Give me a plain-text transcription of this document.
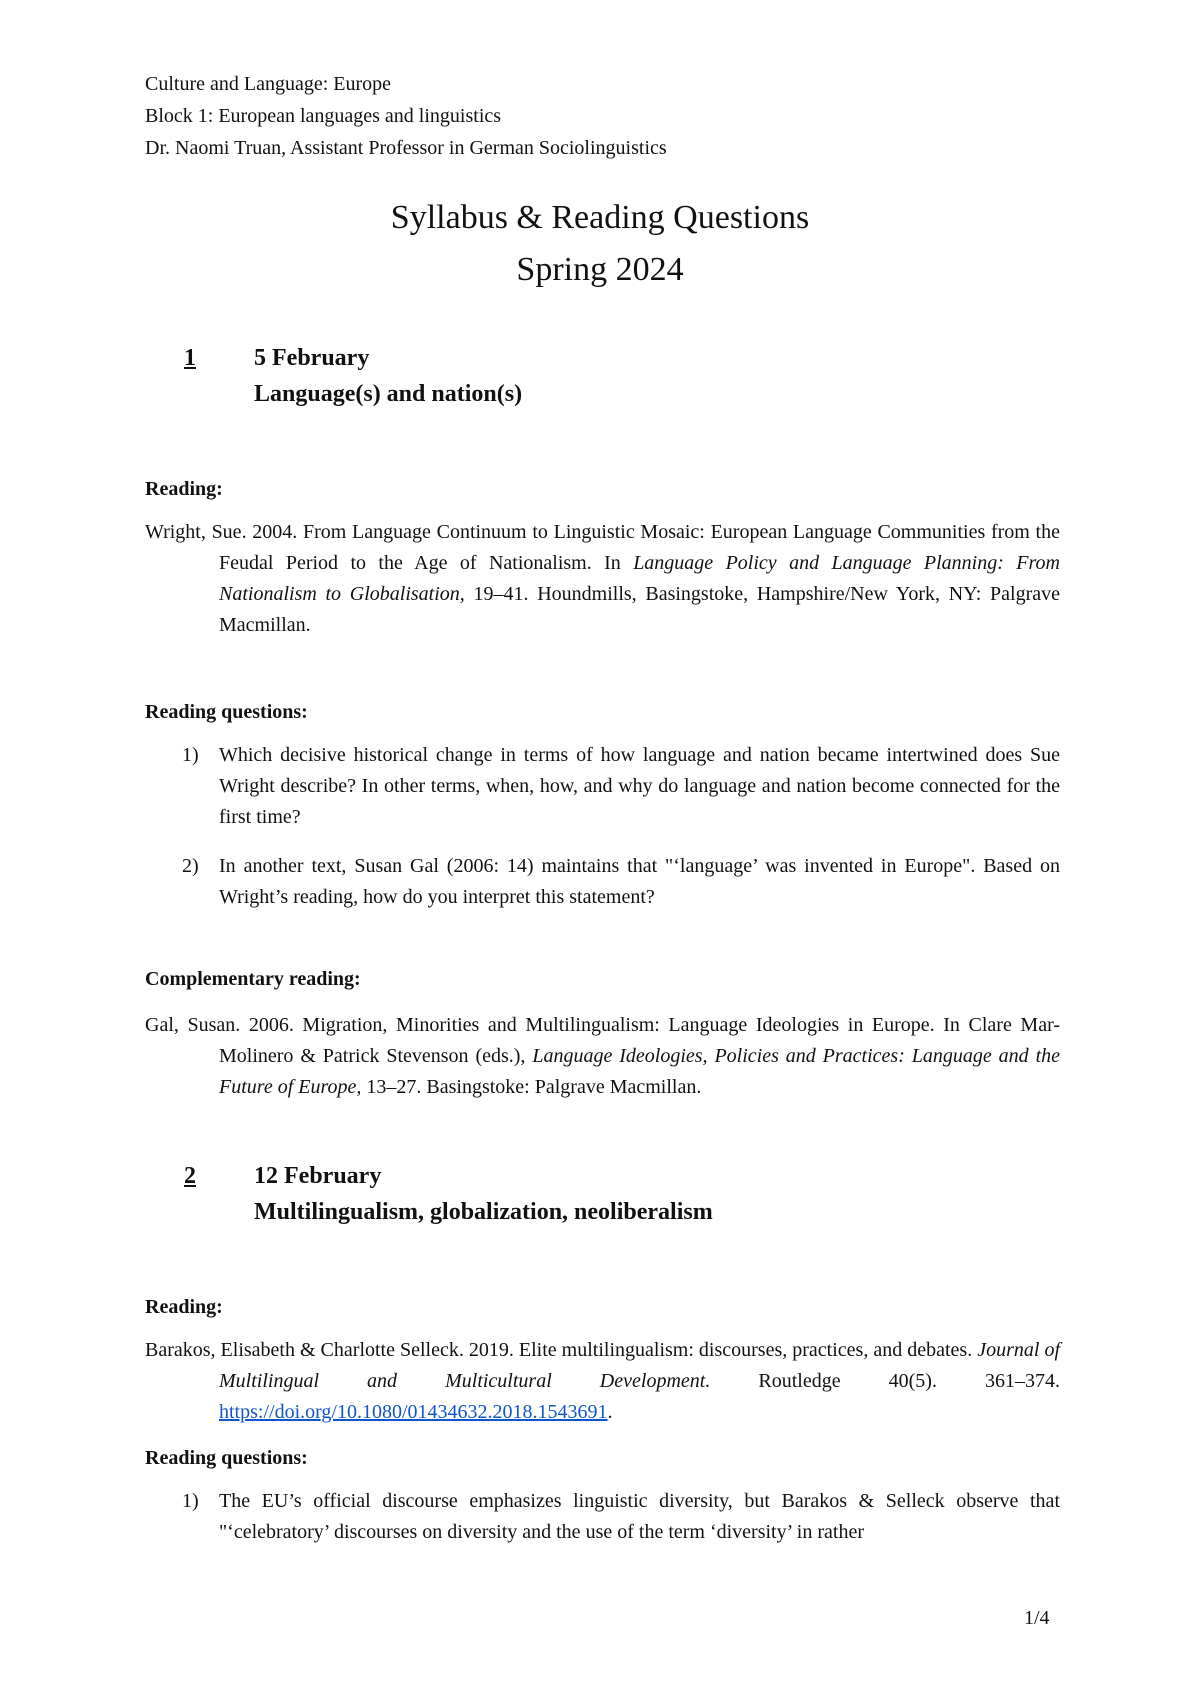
Culture and Language: Europe
Block 1: European languages and linguistics
Dr. Naomi Truan, Assistant Professor in German Sociolinguistics
Syllabus & Reading Questions
Spring 2024
1 5 February
Language(s) and nation(s)
Reading:
Wright, Sue. 2004. From Language Continuum to Linguistic Mosaic: European Language Communities from the Feudal Period to the Age of Nationalism. In Language Policy and Language Planning: From Nationalism to Globalisation, 19–41. Houndmills, Basingstoke, Hampshire/New York, NY: Palgrave Macmillan.
Reading questions:
1) Which decisive historical change in terms of how language and nation became intertwined does Sue Wright describe? In other terms, when, how, and why do language and nation become connected for the first time?
2) In another text, Susan Gal (2006: 14) maintains that "‘language’ was invented in Europe". Based on Wright’s reading, how do you interpret this statement?
Complementary reading:
Gal, Susan. 2006. Migration, Minorities and Multilingualism: Language Ideologies in Europe. In Clare Mar-Molinero & Patrick Stevenson (eds.), Language Ideologies, Policies and Practices: Language and the Future of Europe, 13–27. Basingstoke: Palgrave Macmillan.
2 12 February
Multilingualism, globalization, neoliberalism
Reading:
Barakos, Elisabeth & Charlotte Selleck. 2019. Elite multilingualism: discourses, practices, and debates. Journal of Multilingual and Multicultural Development. Routledge 40(5). 361–374. https://doi.org/10.1080/01434632.2018.1543691.
Reading questions:
1) The EU’s official discourse emphasizes linguistic diversity, but Barakos & Selleck observe that "‘celebratory’ discourses on diversity and the use of the term ‘diversity’ in rather
1/4
